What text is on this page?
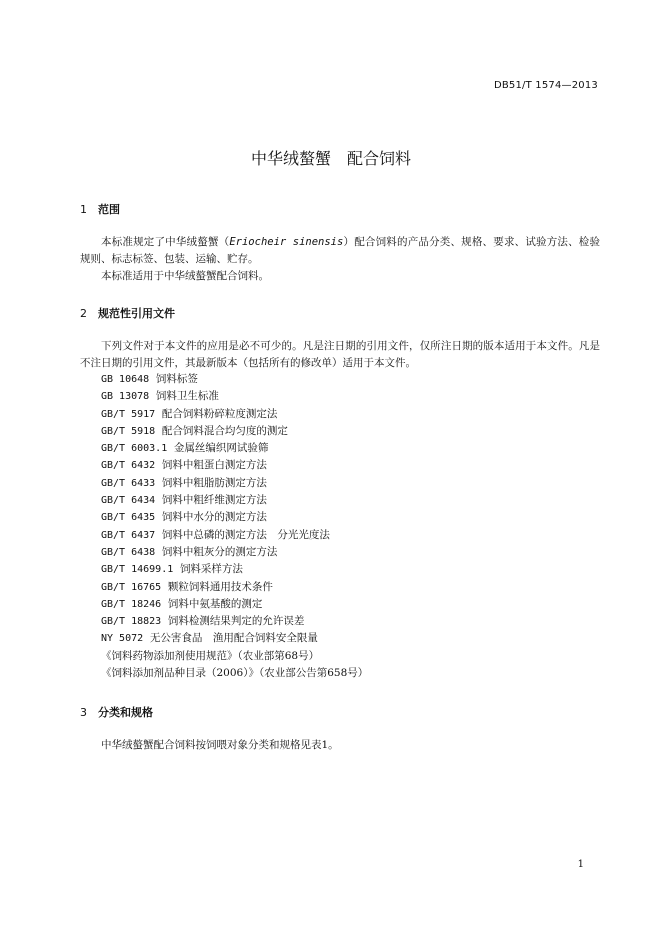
DB51/T 1574—2013
中华绒螯蟹　配合饲料
1 范围
本标准规定了中华绒螯蟹（Eriocheir sinensis）配合饲料的产品分类、规格、要求、试验方法、检验规则、标志标签、包装、运输、贮存。
本标准适用于中华绒螯蟹配合饲料。
2 规范性引用文件
下列文件对于本文件的应用是必不可少的。凡是注日期的引用文件，仅所注日期的版本适用于本文件。凡是不注日期的引用文件，其最新版本（包括所有的修改单）适用于本文件。
GB 10648 饲料标签
GB 13078 饲料卫生标准
GB/T 5917 配合饲料粉碎粒度测定法
GB/T 5918 配合饲料混合均匀度的测定
GB/T 6003.1 金属丝编织网试验筛
GB/T 6432 饲料中粗蛋白测定方法
GB/T 6433 饲料中粗脂肪测定方法
GB/T 6434 饲料中粗纤维测定方法
GB/T 6435 饲料中水分的测定方法
GB/T 6437 饲料中总磷的测定方法　分光光度法
GB/T 6438 饲料中粗灰分的测定方法
GB/T 14699.1 饲料采样方法
GB/T 16765 颗粒饲料通用技术条件
GB/T 18246 饲料中氨基酸的测定
GB/T 18823 饲料检测结果判定的允许误差
NY 5072 无公害食品　渔用配合饲料安全限量
《饲料药物添加剂使用规范》（农业部第68号）
《饲料添加剂品种目录（2006）》（农业部公告第658号）
3 分类和规格
中华绒螯蟹配合饲料按饲喂对象分类和规格见表1。
1
